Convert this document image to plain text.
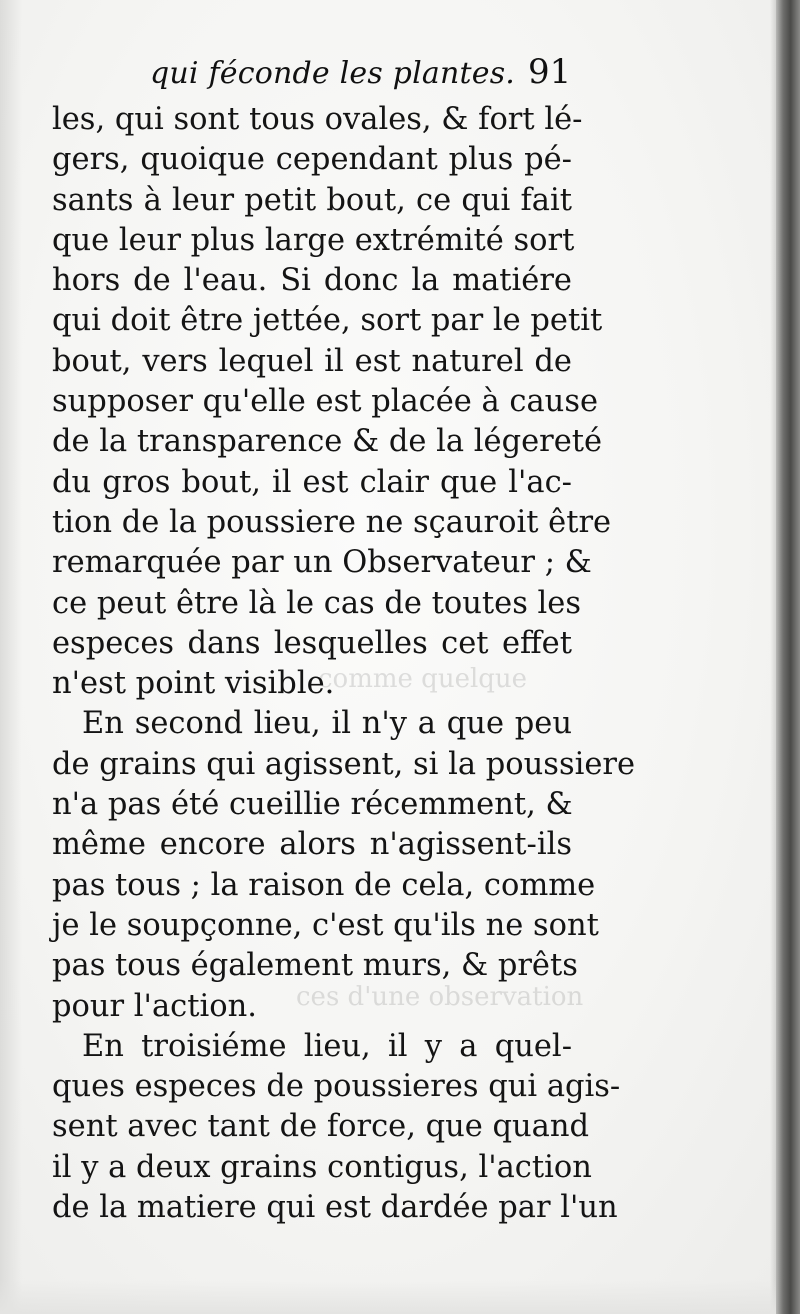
comme quelque
ces d'une observation
qui féconde les plantes. 91
les, qui sont tous ovales, & fort lé-
gers, quoique cependant plus pé-
sants à leur petit bout, ce qui fait
que leur plus large extrémité sort
hors de l'eau. Si donc la matiére
qui doit être jettée, sort par le petit
bout, vers lequel il est naturel de
supposer qu'elle est placée à cause
de la transparence & de la légereté
du gros bout, il est clair que l'ac-
tion de la poussiere ne sçauroit être
remarquée par un Observateur ; &
ce peut être là le cas de toutes les
especes dans lesquelles cet effet
n'est point visible.
En second lieu, il n'y a que peu
de grains qui agissent, si la poussiere
n'a pas été cueillie récemment, &
même encore alors n'agissent-ils
pas tous ; la raison de cela, comme
je le soupçonne, c'est qu'ils ne sont
pas tous également murs, & prêts
pour l'action.
En troisiéme lieu, il y a quel-
ques especes de poussieres qui agis-
sent avec tant de force, que quand
il y a deux grains contigus, l'action
de la matiere qui est dardée par l'un
